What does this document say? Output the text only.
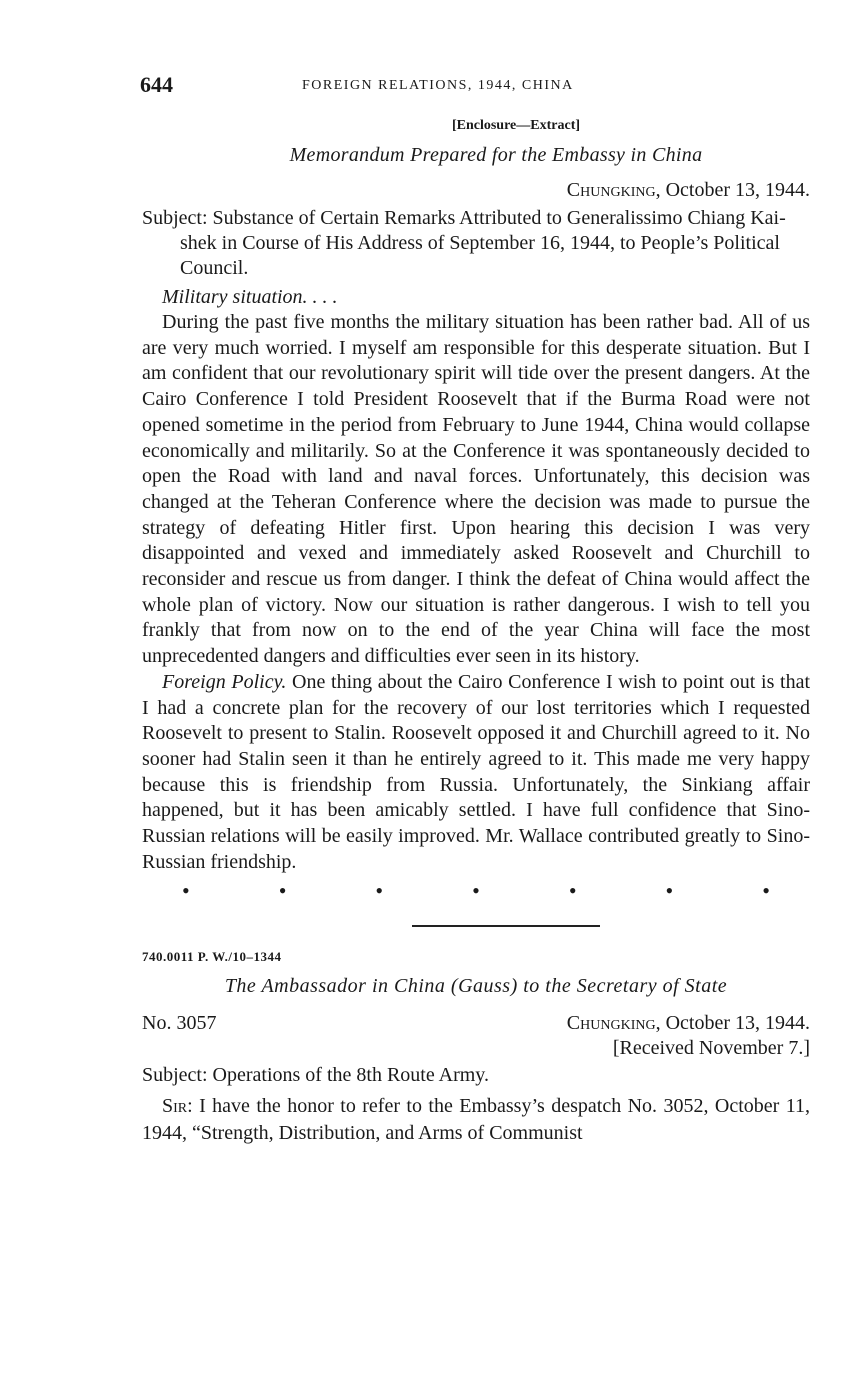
644	FOREIGN RELATIONS, 1944, CHINA
[Enclosure—Extract]
Memorandum Prepared for the Embassy in China
Chungking, October 13, 1944.
Subject: Substance of Certain Remarks Attributed to Generalissimo Chiang Kai-shek in Course of His Address of September 16, 1944, to People’s Political Council.
Military situation. . . .

During the past five months the military situation has been rather bad. All of us are very much worried. I myself am responsible for this desperate situation. But I am confident that our revolutionary spirit will tide over the present dangers. At the Cairo Conference I told President Roosevelt that if the Burma Road were not opened sometime in the period from February to June 1944, China would collapse economically and militarily. So at the Conference it was spontaneously decided to open the Road with land and naval forces. Unfortunately, this decision was changed at the Teheran Conference where the decision was made to pursue the strategy of defeating Hitler first. Upon hearing this decision I was very disappointed and vexed and immediately asked Roosevelt and Churchill to reconsider and rescue us from danger. I think the defeat of China would affect the whole plan of victory. Now our situation is rather dangerous. I wish to tell you frankly that from now on to the end of the year China will face the most unprecedented dangers and difficulties ever seen in its history.

Foreign Policy. One thing about the Cairo Conference I wish to point out is that I had a concrete plan for the recovery of our lost territories which I requested Roosevelt to present to Stalin. Roosevelt opposed it and Churchill agreed to it. No sooner had Stalin seen it than he entirely agreed to it. This made me very happy because this is friendship from Russia. Unfortunately, the Sinkiang affair happened, but it has been amicably settled. I have full confidence that Sino-Russian relations will be easily improved. Mr. Wallace contributed greatly to Sino-Russian friendship.

•	•	•	•	•	•	•
740.0011 P. W./10–1344
The Ambassador in China (Gauss) to the Secretary of State
No. 3057	Chungking, October 13, 1944.
[Received November 7.]
Subject: Operations of the 8th Route Army.

Sir: I have the honor to refer to the Embassy’s despatch No. 3052, October 11, 1944, “Strength, Distribution, and Arms of Communist
